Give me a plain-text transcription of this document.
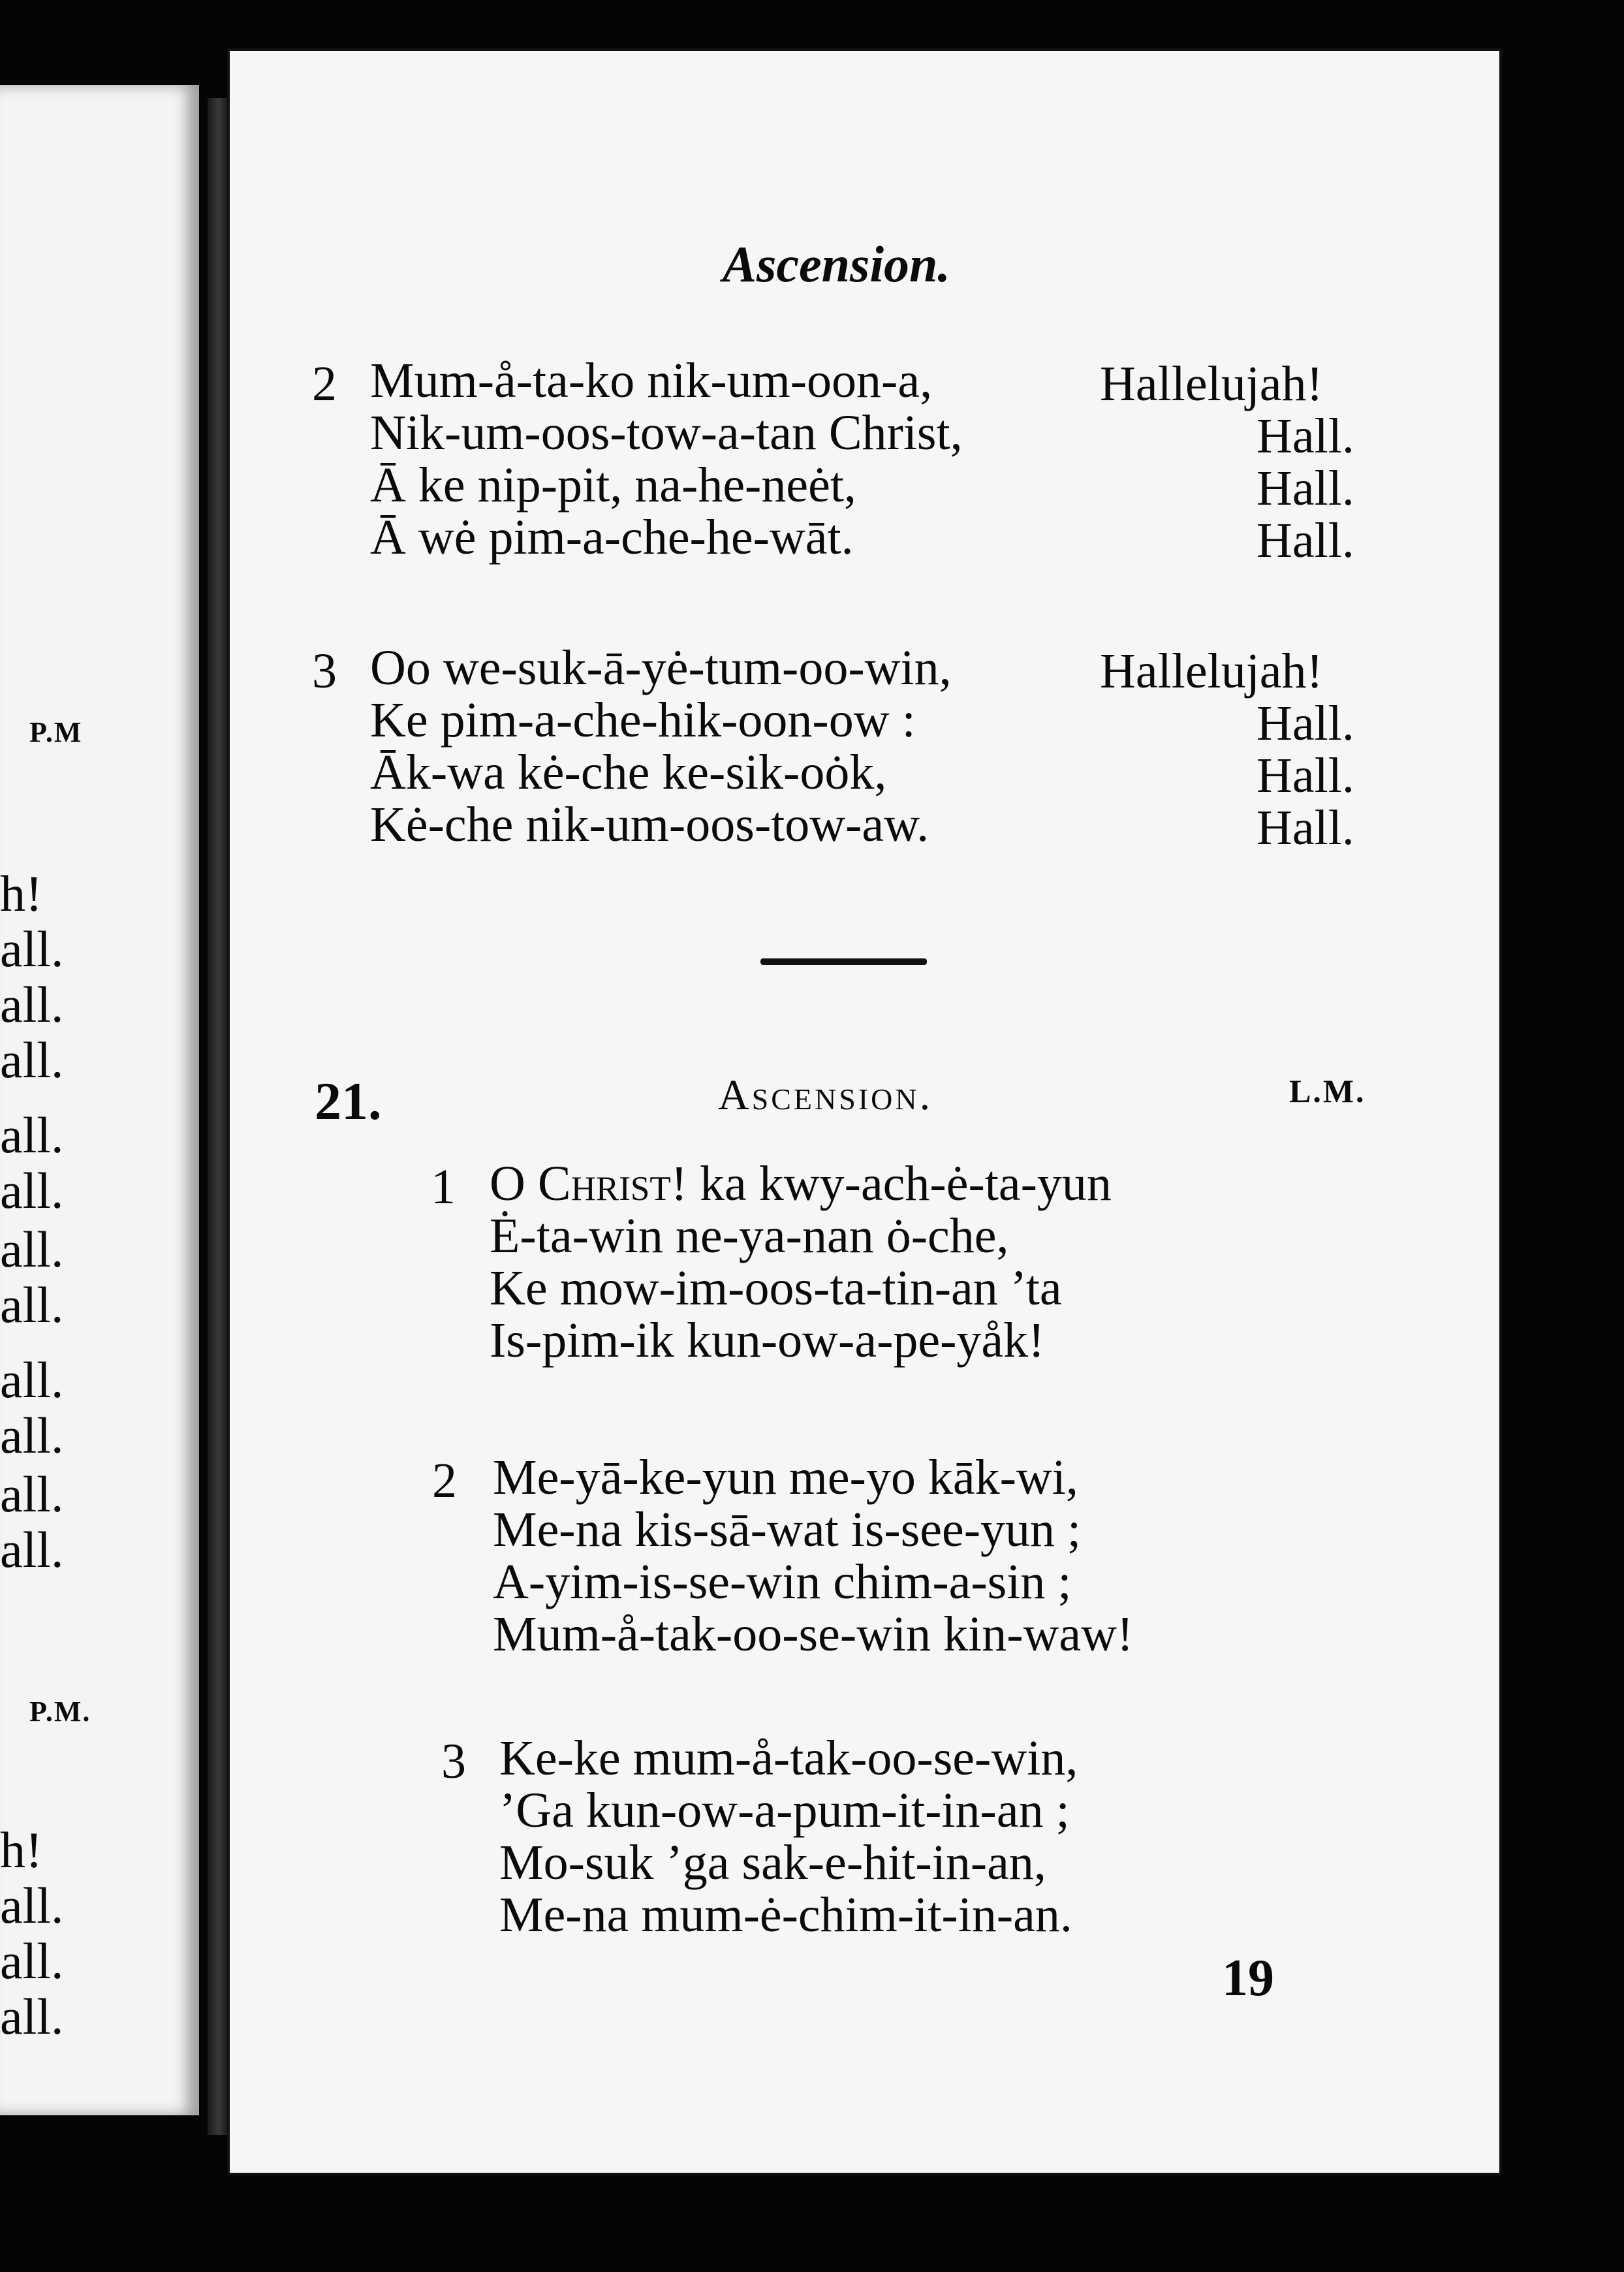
P.M
h!
all.
all.
all.
all.
all.
all.
all.
all.
all.
all.
all.
P.M.
h!
all.
all.
all.
Ascension.
2 Mum-å-ta-ko nik-um-oon-a,	Hallelujah!
Nik-um-oos-tow-a-tan Christ,	Hall.
Ā ke nip-pit, na-he-neėt,	Hall.
Ā wė pim-a-che-he-wāt.	Hall.
3 Oo we-suk-ā-yė-tum-oo-win,	Hallelujah!
Ke pim-a-che-hik-oon-ow :	Hall.
Āk-wa kė-che ke-sik-oȯk,	Hall.
Kė-che nik-um-oos-tow-aw.	Hall.
21.	Ascension.	L.M.
1 O Christ! ka kwy-ach-ė-ta-yun
Ė-ta-win ne-ya-nan ȯ-che,
Ke mow-im-oos-ta-tin-an ’ta
Is-pim-ik kun-ow-a-pe-yåk!
2 Me-yā-ke-yun me-yo kāk-wi,
Me-na kis-sā-wat is-see-yun ;
A-yim-is-se-win chim-a-sin ;
Mum-å-tak-oo-se-win kin-waw!
3 Ke-ke mum-å-tak-oo-se-win,
’Ga kun-ow-a-pum-it-in-an ;
Mo-suk ’ga sak-e-hit-in-an,
Me-na mum-ė-chim-it-in-an.
19
